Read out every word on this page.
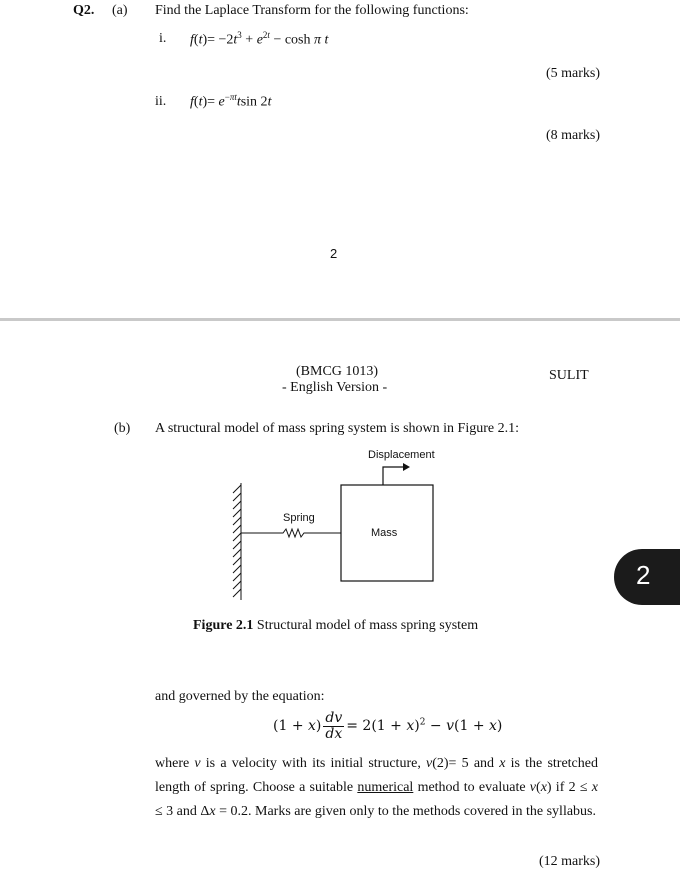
Q2. (a) Find the Laplace Transform for the following functions:
i. $f(t)= -2t^3 + e^{2t} - \cosh \pi$ t
(5 marks)
ii. $f(t)= e^{-\pi t}tsin$ 2t
(8 marks)
2
(BMCG 1013)
- English Version -
SULIT
(b) A structural model of mass spring system is shown in Figure 2.1:
Displacement
Spring
Mass
Figure 2.1 Structural model of mass spring system
and governed by the equation:
$(1 + x) \frac{dv}{dx} = 2(1 + x)^2 - v(1 + x)$
where v is a velocity with its initial structure, v(2)= 5 and x is the stretched length of spring. Choose a suitable numerical method to evaluate v(x) if 2 ≤ x ≤ 3 and Δx = 0.2. Marks are given only to the methods covered in the syllabus.
(12 marks)
2
